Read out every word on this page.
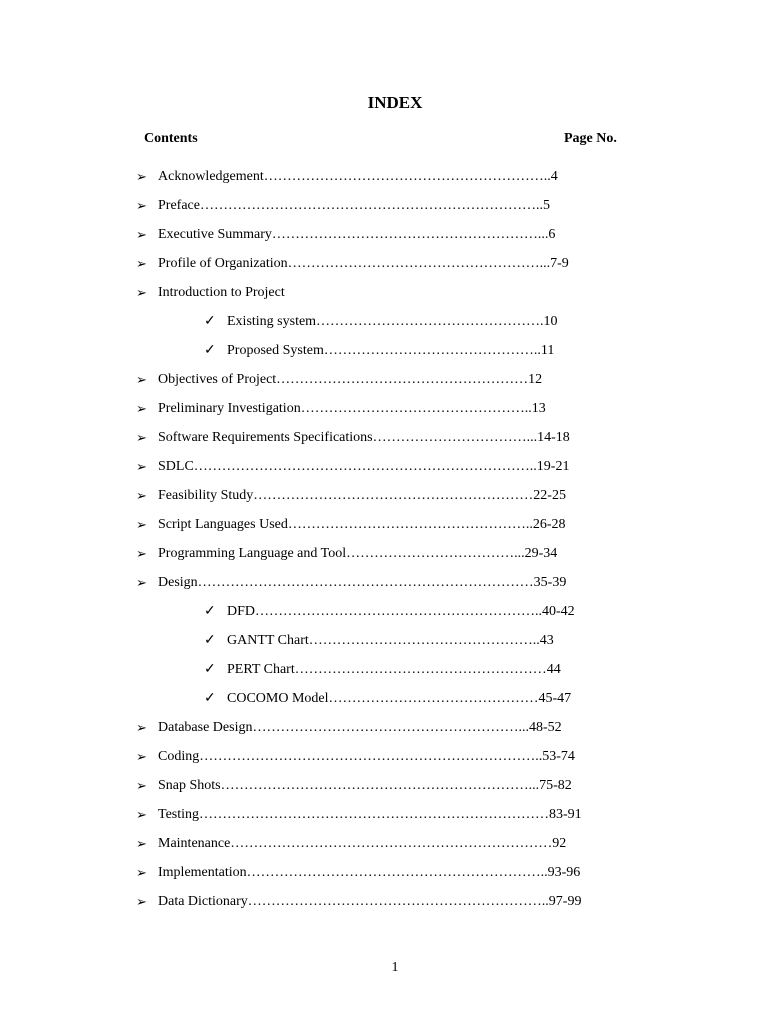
INDEX
Contents	Page No.
➢ Acknowledgement……………………………………………………..4
➢ Preface………………………………………………………………..5
➢ Executive Summary…………………………………………………...6
➢ Profile of Organization………………………………………………...7-9
➢ Introduction to Project
✓ Existing system………………………………………….10
✓ Proposed System………………………………………..11
➢ Objectives of Project………………………………………………12
➢ Preliminary Investigation…………………………………………..13
➢ Software Requirements Specifications……………………………...14-18
➢ SDLC………………………………………………………………..19-21
➢ Feasibility Study……………………………………………………22-25
➢ Script Languages Used……………………………………………..26-28
➢ Programming Language and Tool………………………………...29-34
➢ Design………………………………………………………………35-39
✓ DFD……………………………………………………..40-42
✓ GANTT Chart…………………………………………..43
✓ PERT Chart………………………………………………44
✓ COCOMO Model………………………………………45-47
➢ Database Design…………………………………………………...48-52
➢ Coding………………………………………………………………..53-74
➢ Snap Shots…………………………………………………………...75-82
➢ Testing…………………………………………………………………83-91
➢ Maintenance……………………………………………………………92
➢ Implementation………………………………………………………..93-96
➢ Data Dictionary………………………………………………………..97-99
1
